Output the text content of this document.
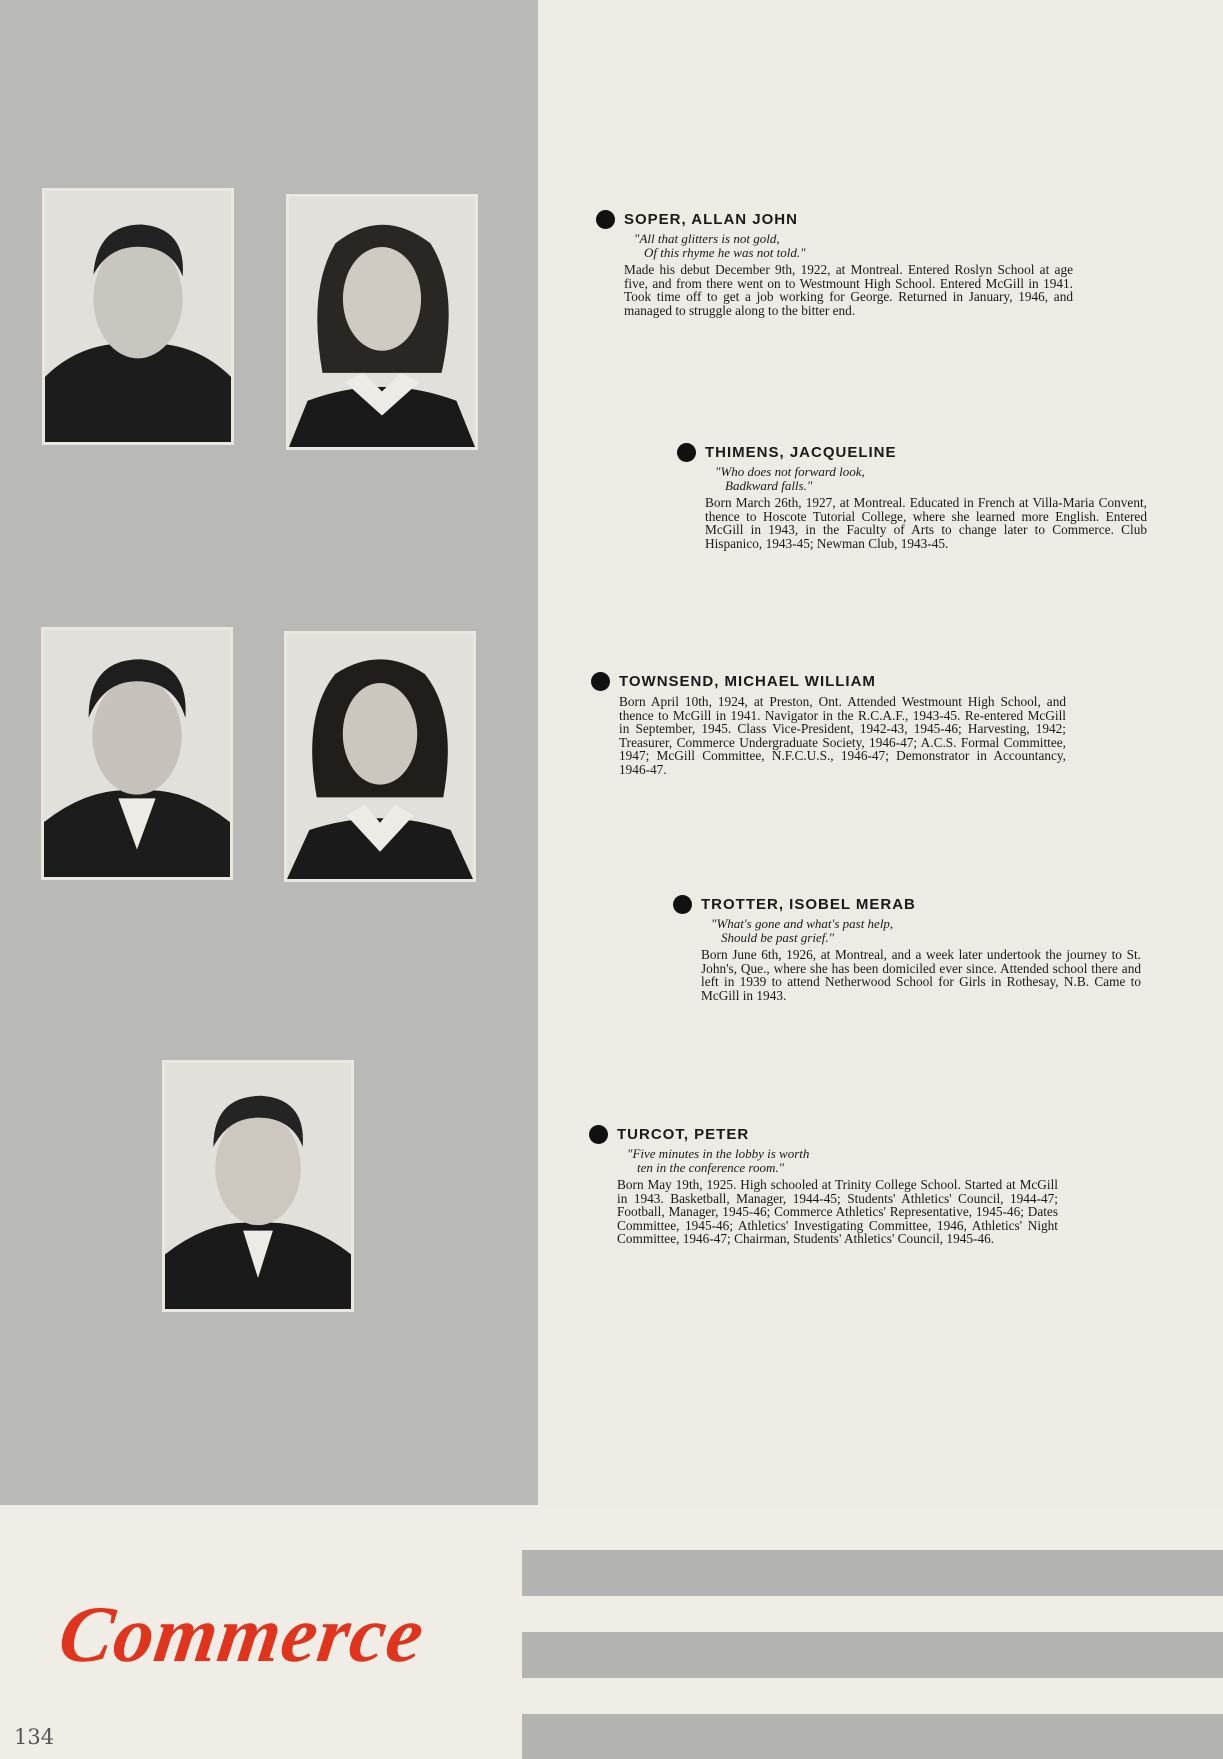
SOPER, ALLAN JOHN
"All that glitters is not gold,
Of this rhyme he was not told."
Made his debut December 9th, 1922, at Montreal. Entered Roslyn School at age five, and from there went on to Westmount High School. Entered McGill in 1941. Took time off to get a job working for George. Returned in January, 1946, and managed to struggle along to the bitter end.
THIMENS, JACQUELINE
"Who does not forward look,
Badkward falls."
Born March 26th, 1927, at Montreal. Educated in French at Villa-Maria Convent, thence to Hoscote Tutorial College, where she learned more English. Entered McGill in 1943, in the Faculty of Arts to change later to Commerce. Club Hispanico, 1943-45; Newman Club, 1943-45.
TOWNSEND, MICHAEL WILLIAM
Born April 10th, 1924, at Preston, Ont. Attended Westmount High School, and thence to McGill in 1941. Navigator in the R.C.A.F., 1943-45. Re-entered McGill in September, 1945. Class Vice-President, 1942-43, 1945-46; Harvesting, 1942; Treasurer, Commerce Undergraduate Society, 1946-47; A.C.S. Formal Committee, 1947; McGill Committee, N.F.C.U.S., 1946-47; Demonstrator in Accountancy, 1946-47.
TROTTER, ISOBEL MERAB
"What's gone and what's past help,
Should be past grief."
Born June 6th, 1926, at Montreal, and a week later undertook the journey to St. John's, Que., where she has been domiciled ever since. Attended school there and left in 1939 to attend Netherwood School for Girls in Rothesay, N.B. Came to McGill in 1943.
TURCOT, PETER
"Five minutes in the lobby is worth
ten in the conference room."
Born May 19th, 1925. High schooled at Trinity College School. Started at McGill in 1943. Basketball, Manager, 1944-45; Students' Athletics' Council, 1944-47; Football, Manager, 1945-46; Commerce Athletics' Representative, 1945-46; Dates Committee, 1945-46; Athletics' Investigating Committee, 1946, Athletics' Night Committee, 1946-47; Chairman, Students' Athletics' Council, 1945-46.
Commerce
134
